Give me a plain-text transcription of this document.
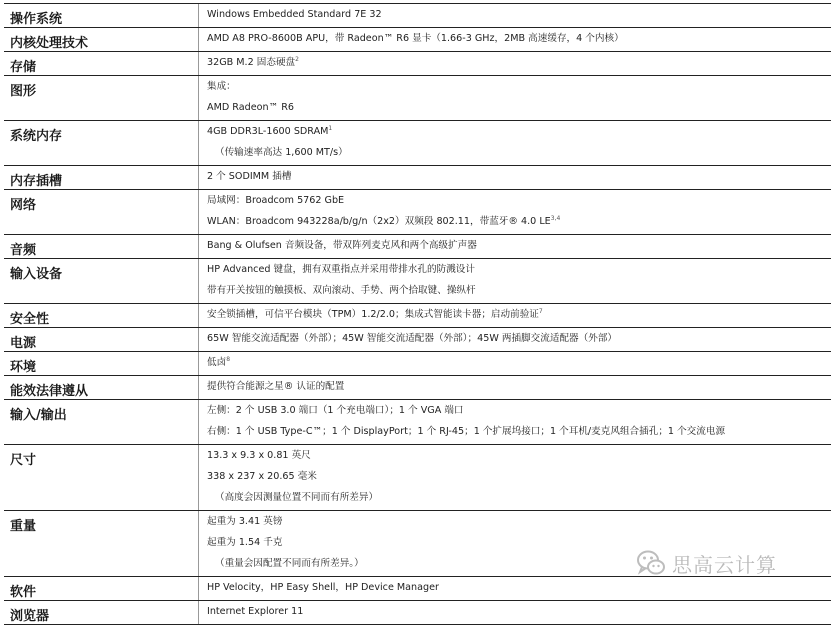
操作系统	Windows Embedded Standard 7E 32
内核处理技术	AMD A8 PRO-8600B APU，带 Radeon™ R6 显卡（1.66-3 GHz，2MB 高速缓存，4 个内核）
存储	32GB M.2 固态硬盘$^2$
图形	集成：
AMD Radeon™ R6
系统内存	4GB DDR3L-1600 SDRAM$^1$
（传输速率高达 1,600 MT/s）
内存插槽	2 个 SODIMM 插槽
网络	局域网：Broadcom 5762 GbE
WLAN：Broadcom 943228a/b/g/n（2x2）双频段 802.11，带蓝牙® 4.0 LE$^{3,4}$
音频	Bang & Olufsen 音频设备，带双阵列麦克风和两个高级扩声器
输入设备	HP Advanced 键盘，拥有双重指点并采用带排水孔的防溅设计
带有开关按钮的触摸板、双向滚动、手势、两个拾取键、操纵杆
安全性	安全锁插槽，可信平台模块（TPM）1.2/2.0；集成式智能读卡器；启动前验证$^7$
电源	65W 智能交流适配器（外部）；45W 智能交流适配器（外部）；45W 两插脚交流适配器（外部）
环境	低卤$^8$
能效法律遵从	提供符合能源之星® 认证的配置
输入/输出	左侧：2 个 USB 3.0 端口（1 个充电端口）；1 个 VGA 端口
右侧：1 个 USB Type-C™；1 个 DisplayPort；1 个 RJ-45；1 个扩展坞接口；1 个耳机/麦克风组合插孔；1 个交流电源
尺寸	13.3 x 9.3 x 0.81 英尺
338 x 237 x 20.65 毫米
（高度会因测量位置不同而有所差异）
重量	起重为 3.41 英镑
起重为 1.54 千克
（重量会因配置不同而有所差异。）
软件	HP Velocity，HP Easy Shell，HP Device Manager
浏览器	Internet Explorer 11
思高云计算
